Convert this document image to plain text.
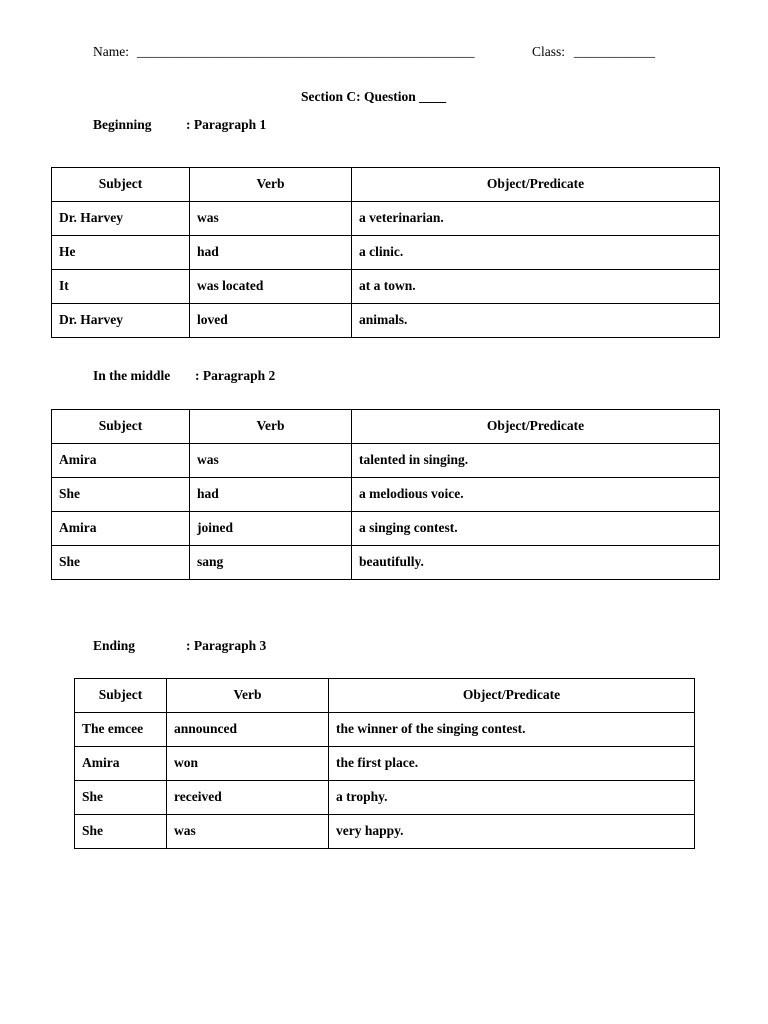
Name: __________________________________________________	Class: ____________
Section C: Question ____
Beginning	: Paragraph 1
Subject	Verb	Object/Predicate
Dr. Harvey	was	a veterinarian.
He	had	a clinic.
It	was located	at a town.
Dr. Harvey	loved	animals.
In the middle : Paragraph 2
Subject	Verb	Object/Predicate
Amira	was	talented in singing.
She	had	a melodious voice.
Amira	joined	a singing contest.
She	sang	beautifully.
Ending	: Paragraph 3
Subject	Verb	Object/Predicate
The emcee	announced	the winner of the singing contest.
Amira	won	the first place.
She	received	a trophy.
She	was	very happy.
